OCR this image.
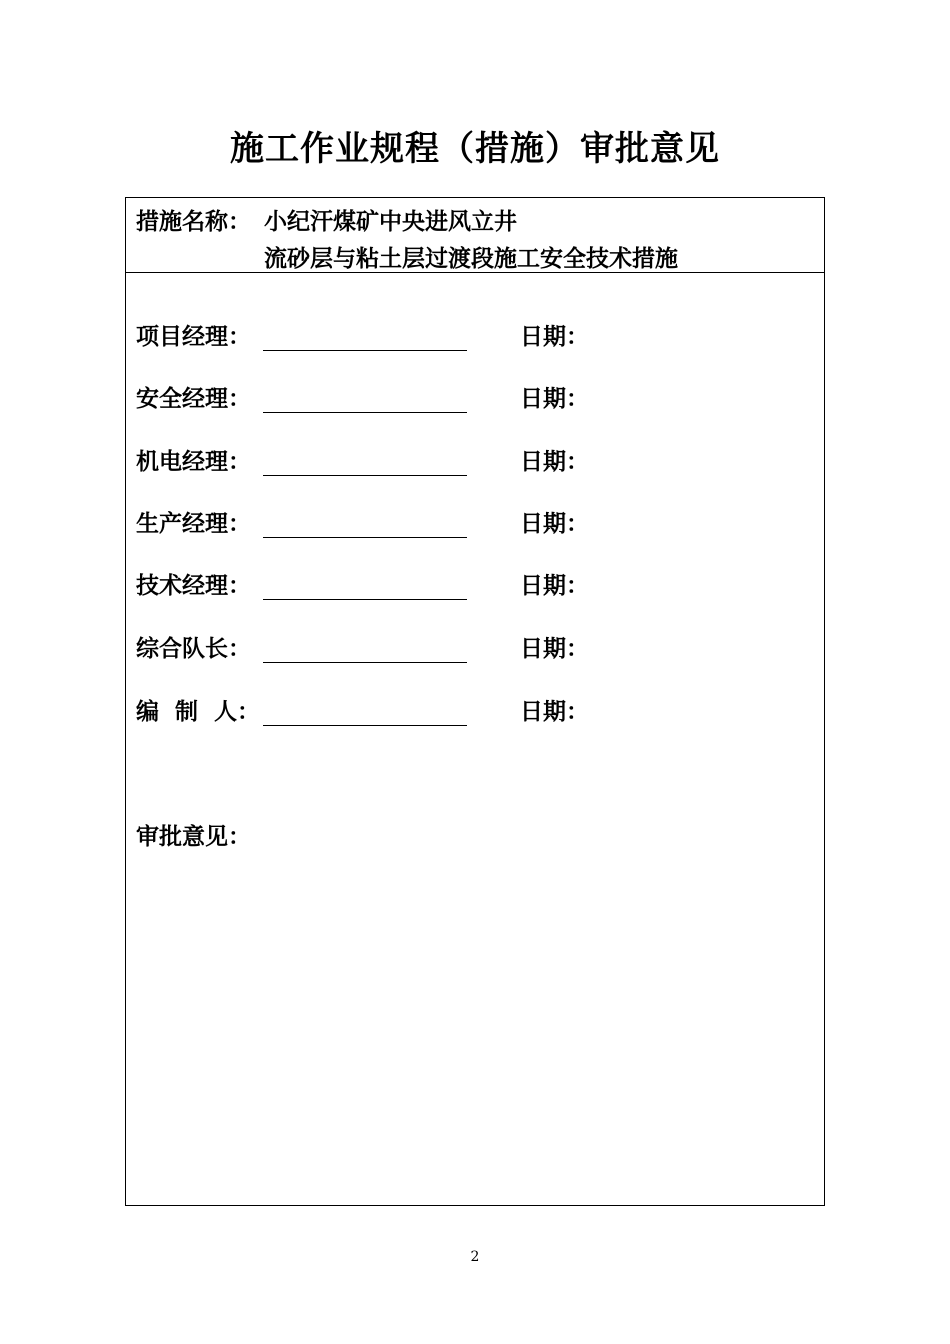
施工作业规程（措施）审批意见
措施名称： 小纪汗煤矿中央进风立井
流砂层与粘土层过渡段施工安全技术措施
项目经理：	日期：
安全经理：	日期：
机电经理：	日期：
生产经理：	日期：
技术经理：	日期：
综合队长：	日期：
编  制  人：	日期：
审批意见：
2
